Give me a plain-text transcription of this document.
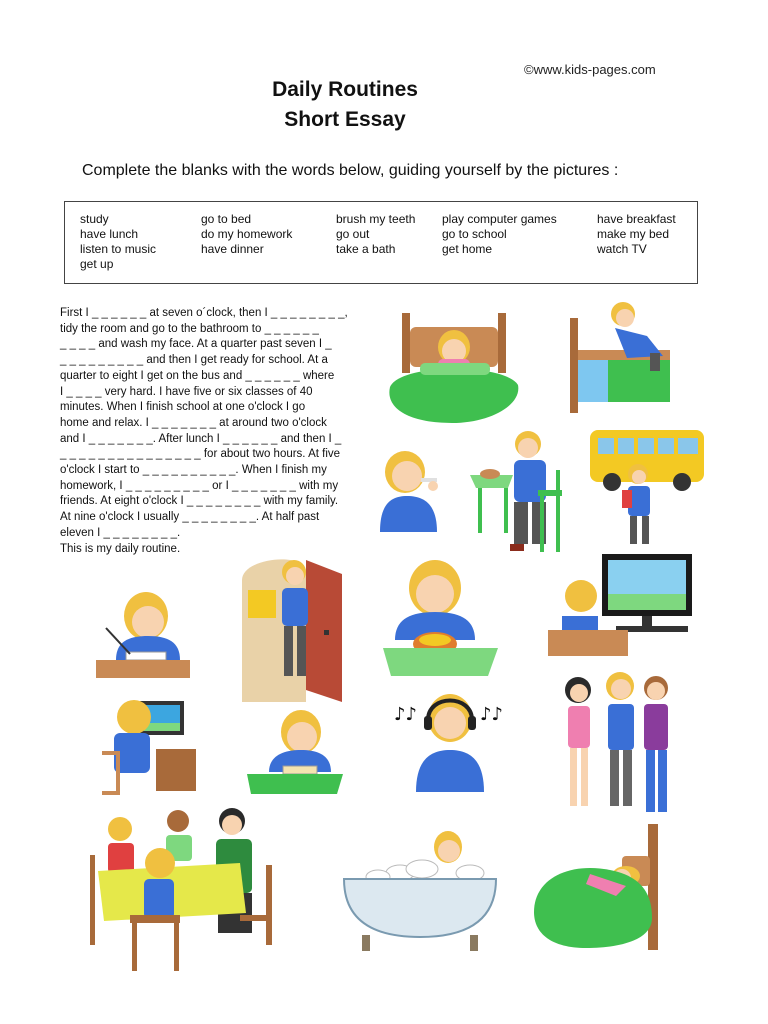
©www.kids-pages.com
Daily Routines
Short Essay
Complete the blanks with the words below, guiding yourself by the pictures :
study
have lunch
listen to music
get up
go to bed
do my homework
have dinner
brush my teeth
go out
take a bath
play computer games
go to school
get home
have breakfast
make my bed
watch TV
First I _ _ _ _ _ _ at seven o´clock, then I _ _ _ _ _ _ _ _,
tidy the room and go to the bathroom to _ _ _ _ _ _
_ _ _ _ and wash my face. At a quarter past seven I _
_ _ _ _ _ _ _ _ _ and then I get ready for school. At a
quarter to eight I get on the bus and _ _ _ _ _ _ where
I _ _ _ _ very hard. I have five or six classes of 40
minutes. When I finish school at one o'clock I go
home and relax. I _ _ _ _ _ _ _ at around two o'clock
and I _ _ _ _ _ _ _. After lunch I _ _ _ _ _ _ and then I _
_ _ _ _ _ _ _ _ _ _ _ _ _ _ _ for about two hours. At five
o'clock I start to _ _ _ _ _ _ _ _ _ _. When I finish my
homework, I _ _ _ _ _ _ _ _ _ or I _ _ _ _ _ _ _ with my
friends. At eight o'clock I _ _ _ _ _ _ _ _ with my family.
At nine o'clock I usually _ _ _ _ _ _ _ _. At half past
eleven I _ _ _ _ _ _ _ _.
This is my daily routine.
♪♪	♪♪
